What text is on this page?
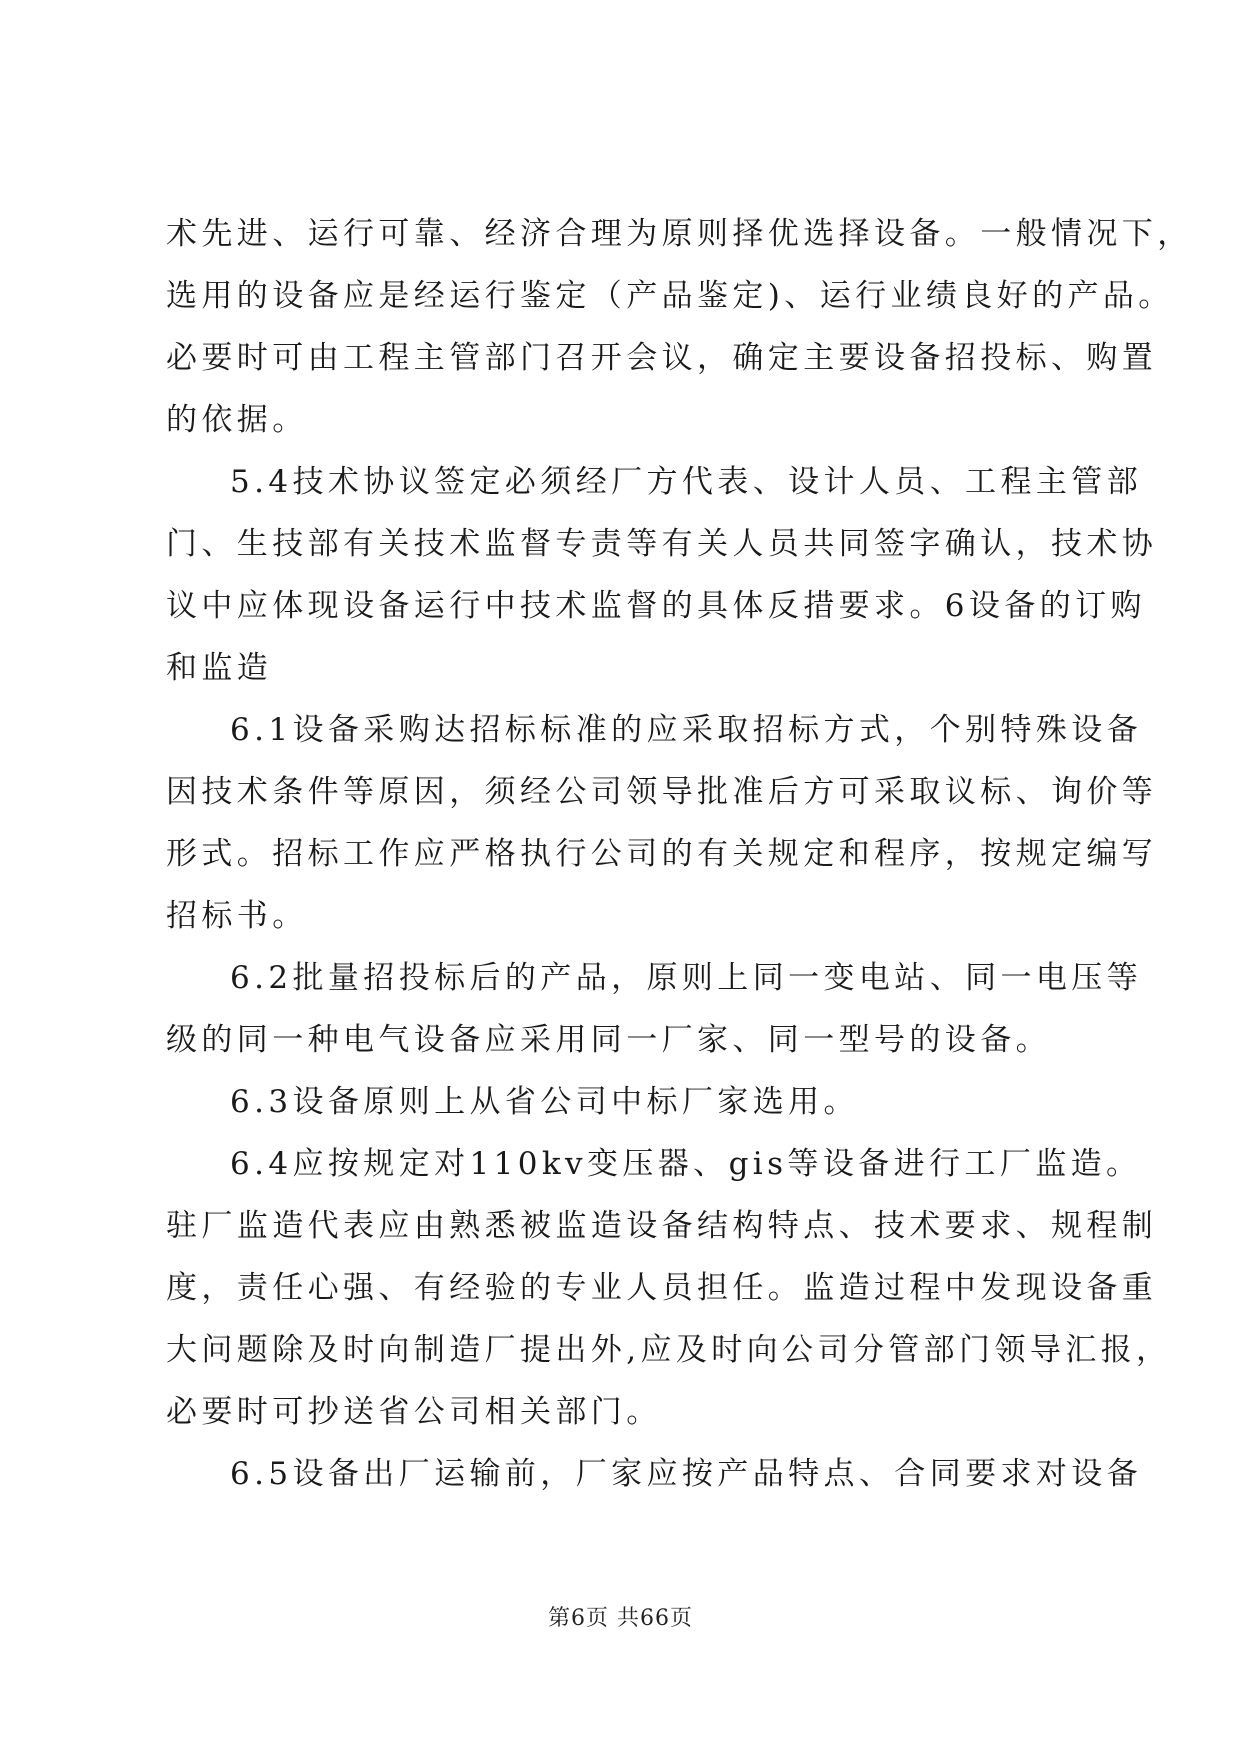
术先进、运行可靠、经济合理为原则择优选择设备。一般情况下，
选用的设备应是经运行鉴定（产品鉴定)、运行业绩良好的产品。
必要时可由工程主管部门召开会议，确定主要设备招投标、购置
的依据。
5.4技术协议签定必须经厂方代表、设计人员、工程主管部
门、生技部有关技术监督专责等有关人员共同签字确认，技术协
议中应体现设备运行中技术监督的具体反措要求。6设备的订购
和监造
6.1设备采购达招标标准的应采取招标方式，个别特殊设备
因技术条件等原因，须经公司领导批准后方可采取议标、询价等
形式。招标工作应严格执行公司的有关规定和程序，按规定编写
招标书。
6.2批量招投标后的产品，原则上同一变电站、同一电压等
级的同一种电气设备应采用同一厂家、同一型号的设备。
6.3设备原则上从省公司中标厂家选用。
6.4应按规定对110kv变压器、gis等设备进行工厂监造。
驻厂监造代表应由熟悉被监造设备结构特点、技术要求、规程制
度，责任心强、有经验的专业人员担任。监造过程中发现设备重
大问题除及时向制造厂提出外,应及时向公司分管部门领导汇报，
必要时可抄送省公司相关部门。
6.5设备出厂运输前，厂家应按产品特点、合同要求对设备
第6页 共66页
